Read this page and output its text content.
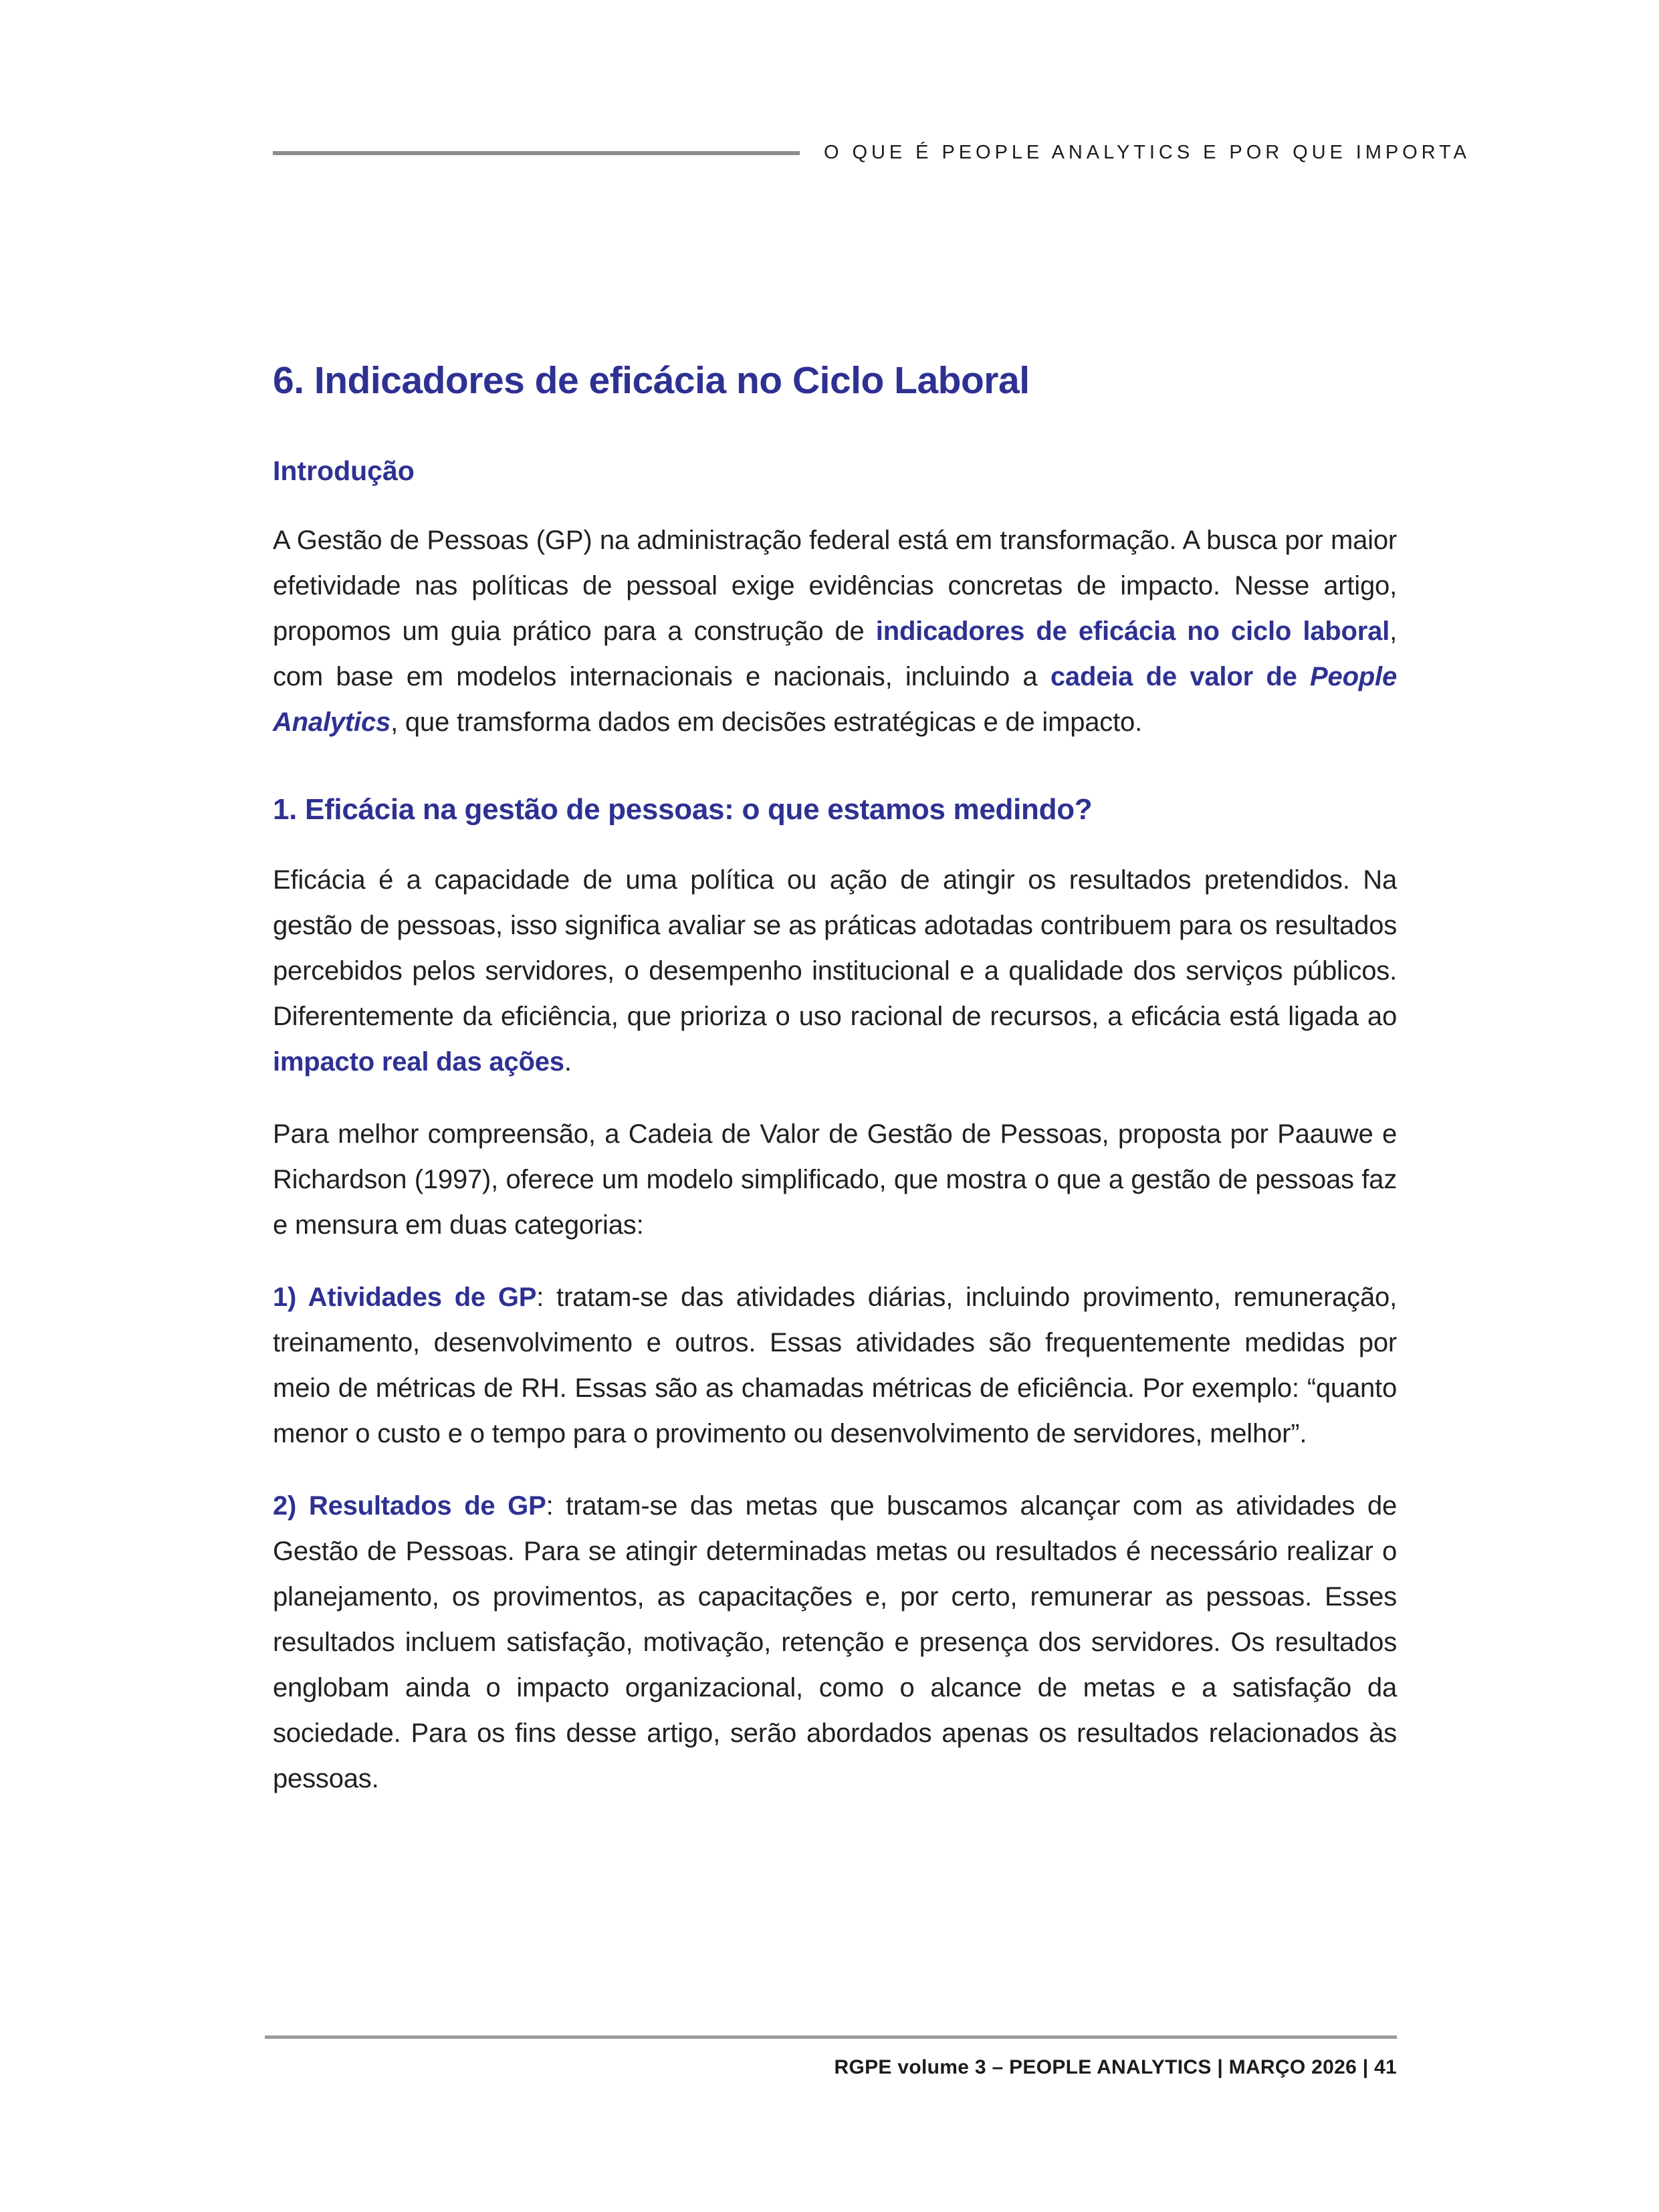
O QUE É PEOPLE ANALYTICS E POR QUE IMPORTA
6. Indicadores de eficácia no Ciclo Laboral
Introdução

A Gestão de Pessoas (GP) na administração federal está em transformação. A busca por maior efetividade nas políticas de pessoal exige evidências concretas de impacto. Nesse artigo, propomos um guia prático para a construção de indicadores de eficácia no ciclo laboral, com base em modelos internacionais e nacionais, incluindo a cadeia de valor de People Analytics, que tramsforma dados em decisões estratégicas e de impacto.

1. Eficácia na gestão de pessoas: o que estamos medindo?

Eficácia é a capacidade de uma política ou ação de atingir os resultados pretendidos. Na gestão de pessoas, isso significa avaliar se as práticas adotadas contribuem para os resultados percebidos pelos servidores, o desempenho institucional e a qualidade dos serviços públicos. Diferentemente da eficiência, que prioriza o uso racional de recursos, a eficácia está ligada ao impacto real das ações.

Para melhor compreensão, a Cadeia de Valor de Gestão de Pessoas, proposta por Paauwe e Richardson (1997), oferece um modelo simplificado, que mostra o que a gestão de pessoas faz e mensura em duas categorias:

1) Atividades de GP: tratam-se das atividades diárias, incluindo provimento, remuneração, treinamento, desenvolvimento e outros. Essas atividades são frequentemente medidas por meio de métricas de RH. Essas são as chamadas métricas de eficiência. Por exemplo: “quanto menor o custo e o tempo para o provimento ou desenvolvimento de servidores, melhor”.

2) Resultados de GP: tratam-se das metas que buscamos alcançar com as atividades de Gestão de Pessoas. Para se atingir determinadas metas ou resultados é necessário realizar o planejamento, os provimentos, as capacitações e, por certo, remunerar as pessoas. Esses resultados incluem satisfação, motivação, retenção e presença dos servidores. Os resultados englobam ainda o impacto organizacional, como o alcance de metas e a satisfação da sociedade. Para os fins desse artigo, serão abordados apenas os resultados relacionados às pessoas.

RGPE volume 3 – PEOPLE ANALYTICS | MARÇO 2026 | 41
